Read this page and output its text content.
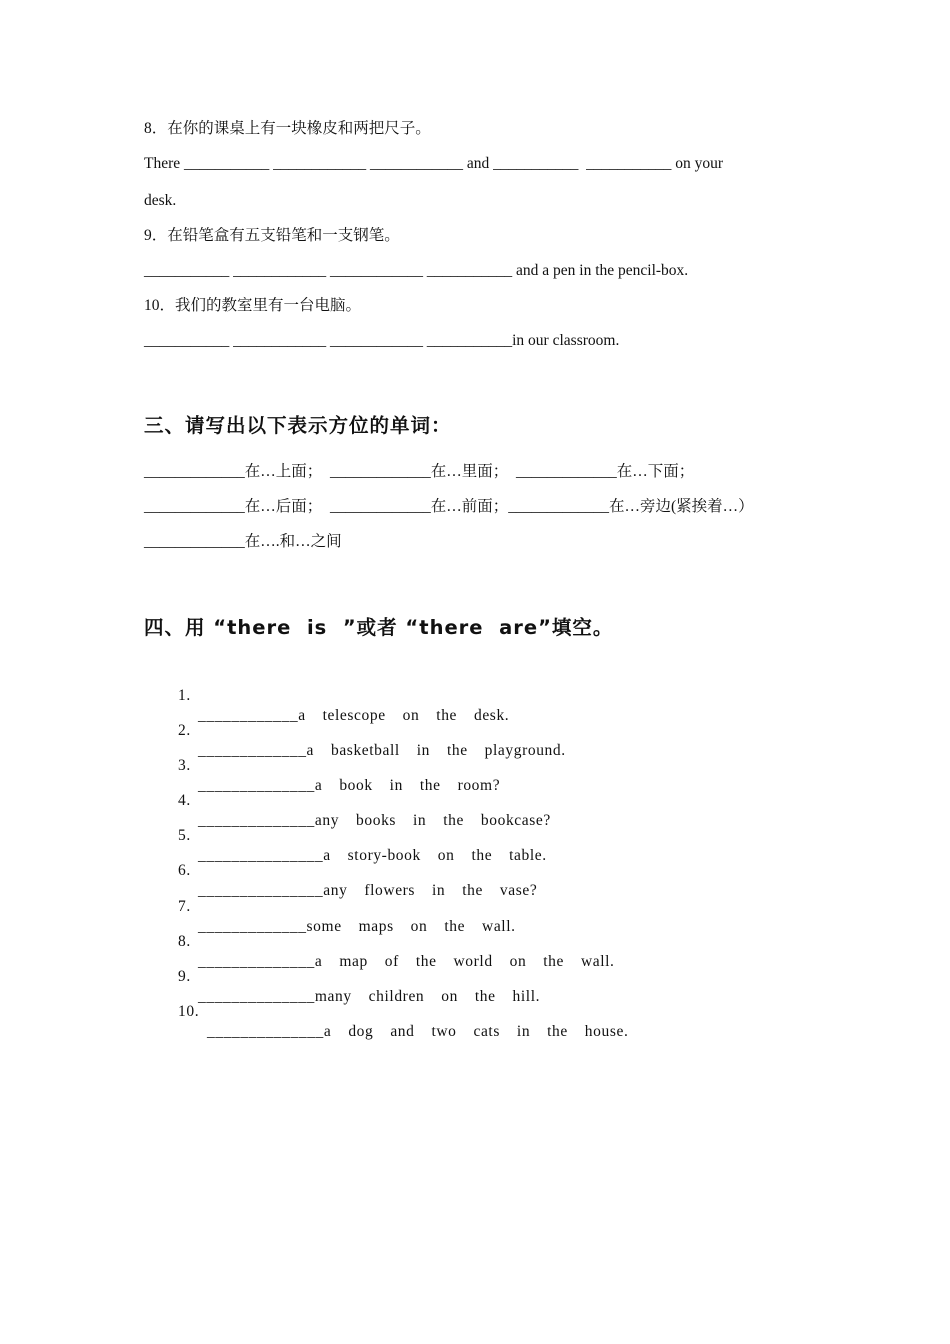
8．在你的课桌上有一块橡皮和两把尺子。
There ___________ ____________ ____________ and ___________  ___________ on your
desk.
9．在铅笔盒有五支铅笔和一支钢笔。
___________ ____________ ____________ ___________ and a pen in the pencil-box.
10．我们的教室里有一台电脑。
___________ ____________ ____________ ___________in our classroom.
三、请写出以下表示方位的单词：
_____________在…上面；  _____________在…里面；  _____________在…下面；
_____________在…后面；  _____________在…前面；_____________在…旁边(紧挨着…）
_____________在….和…之间
四、用 “there  is  ”或者 “there  are”填空。

1.

____________a  telescope  on  the  desk.

2.

_____________a  basketball  in  the  playground.

3.

______________a  book  in  the  room?

4.

______________any  books  in  the  bookcase?

5.

_______________a  story-book  on  the  table.

6.

_______________any  flowers  in  the  vase?

7.

_____________some  maps  on  the  wall.

8.

______________a  map  of  the  world  on  the  wall.

9.

______________many  children  on  the  hill.

10.

______________a  dog  and  two  cats  in  the  house.
